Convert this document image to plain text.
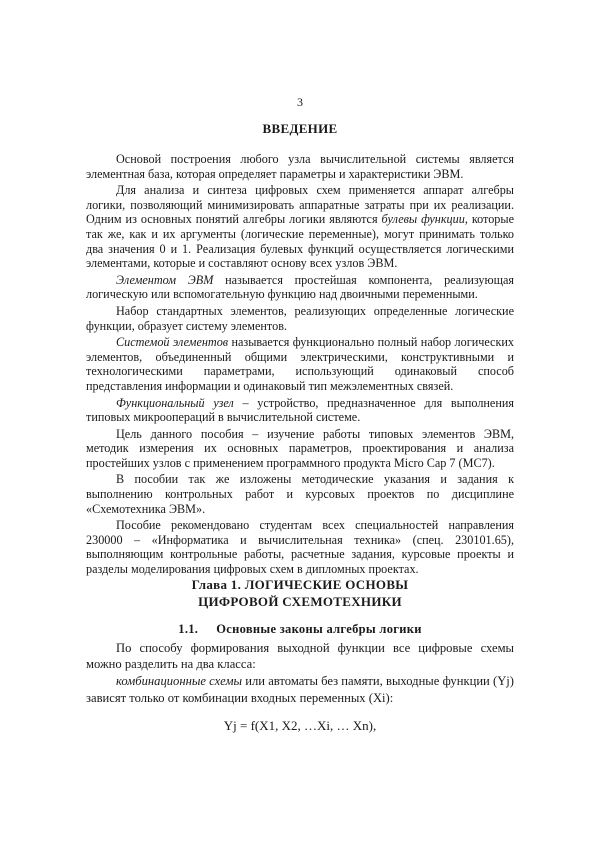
3
ВВЕДЕНИЕ

Основой построения любого узла вычислительной системы является элементная база, которая определяет параметры и характеристики ЭВМ.

Для анализа и синтеза цифровых схем применяется аппарат алгебры логики, позволяющий минимизировать аппаратные затраты при их реализации. Одним из основных понятий алгебры логики являются булевы функции, которые так же, как и их аргументы (логические переменные), могут принимать только два значения 0 и 1. Реализация булевых функций осуществляется логическими элементами, которые и составляют основу всех узлов ЭВМ.

Элементом ЭВМ называется простейшая компонента, реализующая логическую или вспомогательную функцию над двоичными переменными.

Набор стандартных элементов, реализующих определенные логические функции, образует систему элементов.

Системой элементов называется функционально полный набор логических элементов, объединенный общими электрическими, конструктивными и технологическими параметрами, использующий одинаковый способ представления информации и одинаковый тип межэлементных связей.

Функциональный узел – устройство, предназначенное для выполнения типовых микроопераций в вычислительной системе.

Цель данного пособия – изучение работы типовых элементов ЭВМ, методик измерения их основных параметров, проектирования и анализа простейших узлов с применением программного продукта Micro Cap 7 (МС7).

В пособии так же изложены методические указания и задания к выполнению контрольных работ и курсовых проектов по дисциплине «Схемотехника ЭВМ».

Пособие рекомендовано студентам всех специальностей направления 230000 – «Информатика и вычислительная техника» (спец. 230101.65), выполняющим контрольные работы, расчетные задания, курсовые проекты и разделы моделирования цифровых схем в дипломных проектах.

Глава 1. ЛОГИЧЕСКИЕ ОСНОВЫ
ЦИФРОВОЙ СХЕМОТЕХНИКИ
1.1. Основные законы алгебры логики

По способу формирования выходной функции все цифровые схемы можно разделить на два класса:

комбинационные схемы или автоматы без памяти, выходные функции (Yj) зависят только от комбинации входных переменных (Xi):

Yj = f(X1, X2, …Xi, … Xn),
